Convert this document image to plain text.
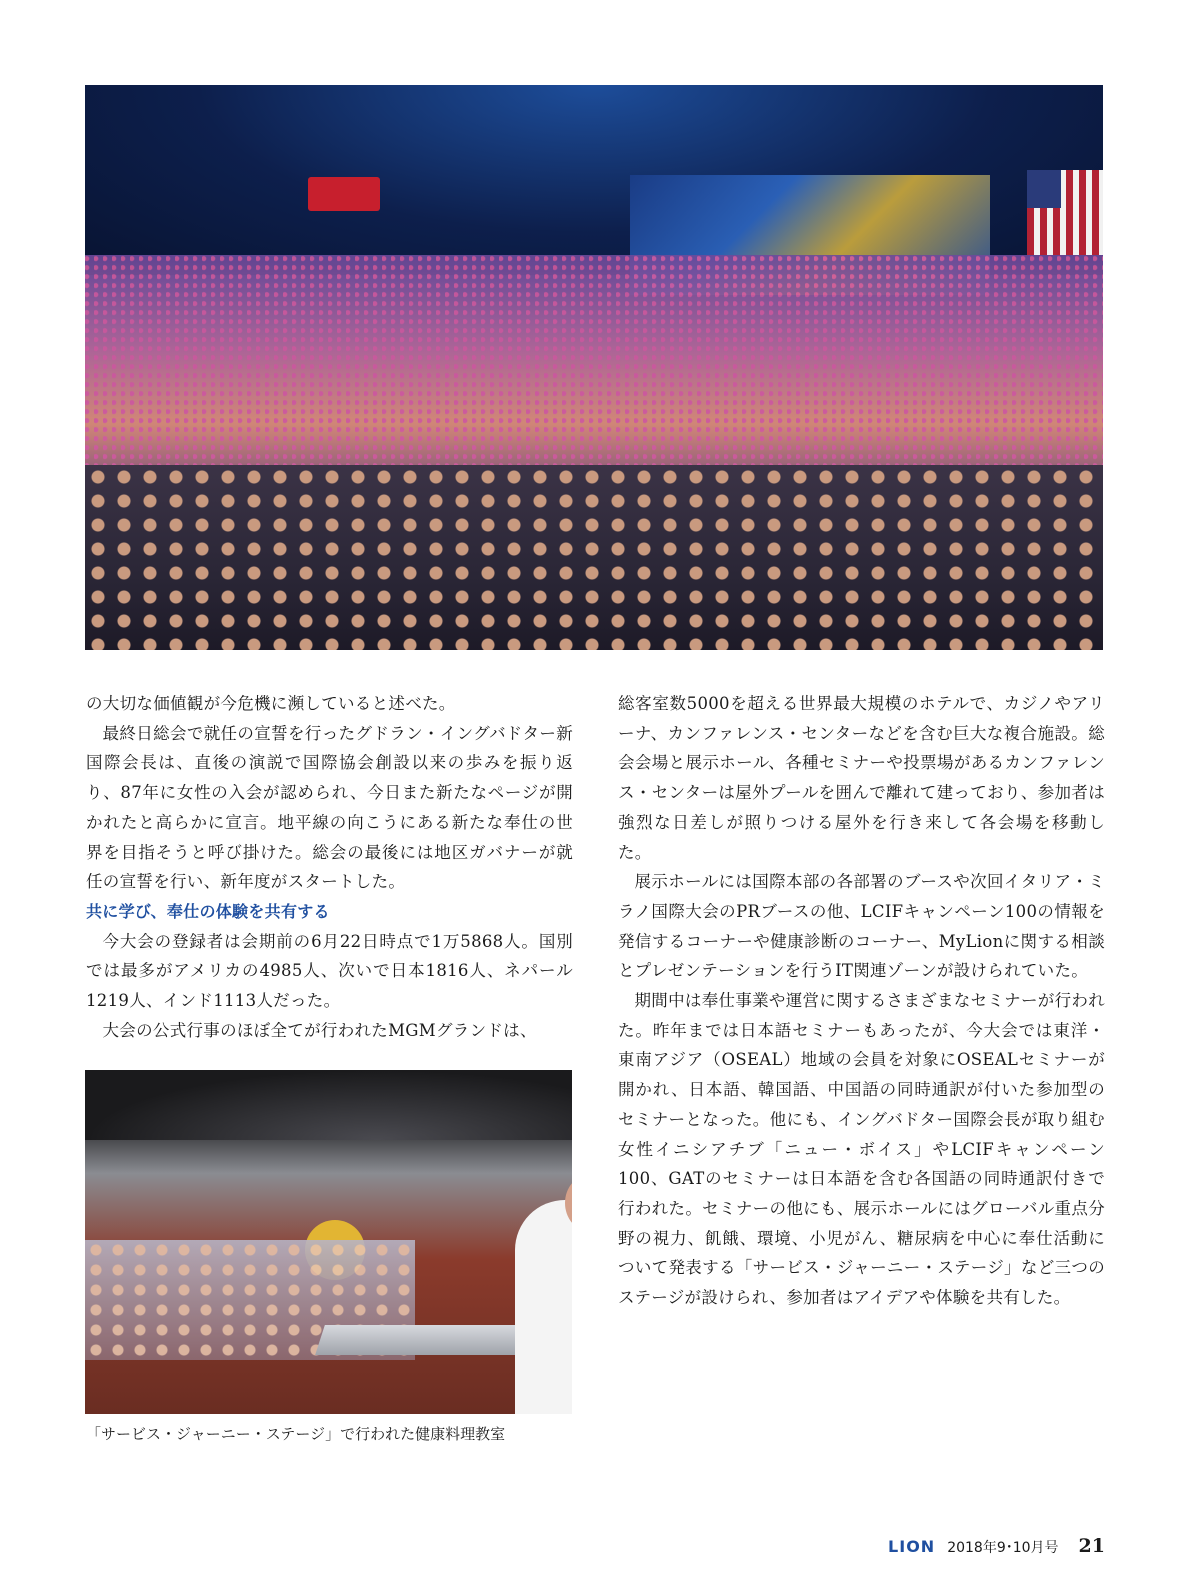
の大切な価値観が今危機に瀕していると述べた。

最終日総会で就任の宣誓を行ったグドラン・イングバドター新国際会長は、直後の演説で国際協会創設以来の歩みを振り返り、87年に女性の入会が認められ、今日また新たなページが開かれたと高らかに宣言。地平線の向こうにある新たな奉仕の世界を目指そうと呼び掛けた。総会の最後には地区ガバナーが就任の宣誓を行い、新年度がスタートした。

共に学び、奉仕の体験を共有する

今大会の登録者は会期前の6月22日時点で1万5868人。国別では最多がアメリカの4985人、次いで日本1816人、ネパール1219人、インド1113人だった。

大会の公式行事のほぼ全てが行われたMGMグランドは、

総客室数5000を超える世界最大規模のホテルで、カジノやアリーナ、カンファレンス・センターなどを含む巨大な複合施設。総会会場と展示ホール、各種セミナーや投票場があるカンファレンス・センターは屋外プールを囲んで離れて建っており、参加者は強烈な日差しが照りつける屋外を行き来して各会場を移動した。

展示ホールには国際本部の各部署のブースや次回イタリア・ミラノ国際大会のPRブースの他、LCIFキャンペーン100の情報を発信するコーナーや健康診断のコーナー、MyLionに関する相談とプレゼンテーションを行うIT関連ゾーンが設けられていた。

期間中は奉仕事業や運営に関するさまざまなセミナーが行われた。昨年までは日本語セミナーもあったが、今大会では東洋・東南アジア（OSEAL）地域の会員を対象にOSEALセミナーが開かれ、日本語、韓国語、中国語の同時通訳が付いた参加型のセミナーとなった。他にも、イングバドター国際会長が取り組む女性イニシアチブ「ニュー・ボイス」やLCIFキャンペーン100、GATのセミナーは日本語を含む各国語の同時通訳付きで行われた。セミナーの他にも、展示ホールにはグローバル重点分野の視力、飢餓、環境、小児がん、糖尿病を中心に奉仕活動について発表する「サービス・ジャーニー・ステージ」など三つのステージが設けられ、参加者はアイデアや体験を共有した。

「サービス・ジャーニー・ステージ」で行われた健康料理教室
LION 2018年9･10月号 21
